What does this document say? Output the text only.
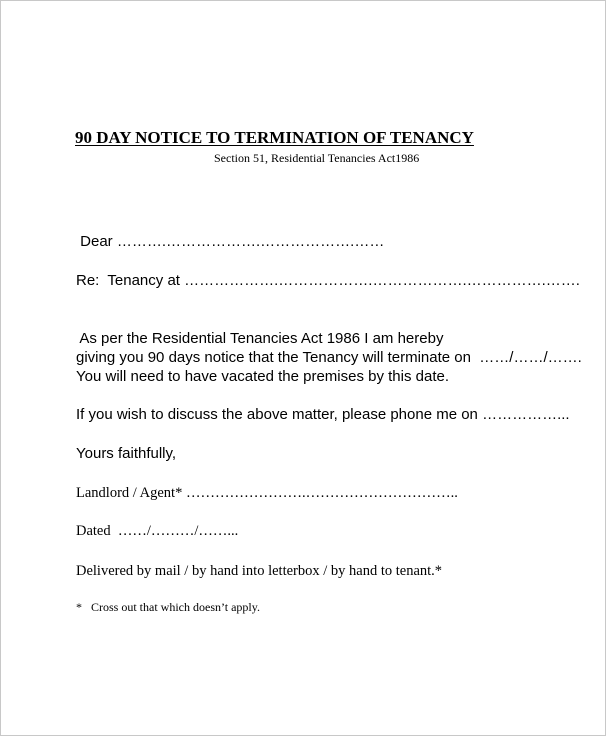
90 DAY NOTICE TO TERMINATION OF TENANCY
Section 51, Residential Tenancies Act1986
Dear ……….……………….……………….……
Re:  Tenancy at ……………….……………….……………….…………….…….
As per the Residential Tenancies Act 1986 I am hereby
giving you 90 days notice that the Tenancy will terminate on  ……/……/…….
You will need to have vacated the premises by this date.
If you wish to discuss the above matter, please phone me on ……………...
Yours faithfully,
Landlord / Agent* …………………….…………………………..
Dated  ……/………/……...
Delivered by mail / by hand into letterbox / by hand to tenant.*
*   Cross out that which doesn’t apply.
